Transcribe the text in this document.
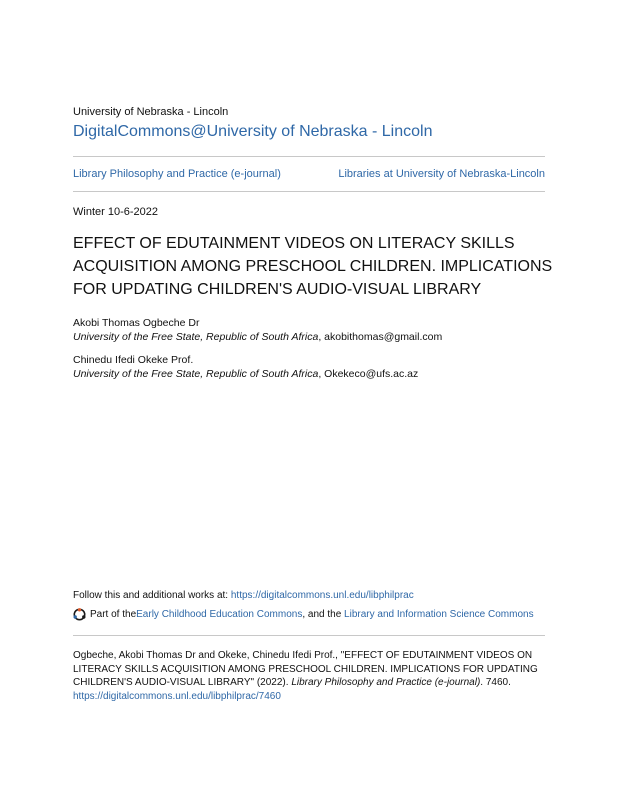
University of Nebraska - Lincoln
DigitalCommons@University of Nebraska - Lincoln
Library Philosophy and Practice (e-journal)	Libraries at University of Nebraska-Lincoln
Winter 10-6-2022
EFFECT OF EDUTAINMENT VIDEOS ON LITERACY SKILLS
ACQUISITION AMONG PRESCHOOL CHILDREN. IMPLICATIONS
FOR UPDATING CHILDREN'S AUDIO-VISUAL LIBRARY
Akobi Thomas Ogbeche Dr
University of the Free State, Republic of South Africa, akobithomas@gmail.com
Chinedu Ifedi Okeke Prof.
University of the Free State, Republic of South Africa, Okekeco@ufs.ac.az
Follow this and additional works at: https://digitalcommons.unl.edu/libphilprac
Part of the Early Childhood Education Commons , and the Library and Information Science Commons
Ogbeche, Akobi Thomas Dr and Okeke, Chinedu Ifedi Prof., "EFFECT OF EDUTAINMENT VIDEOS ON
LITERACY SKILLS ACQUISITION AMONG PRESCHOOL CHILDREN. IMPLICATIONS FOR UPDATING
CHILDREN'S AUDIO-VISUAL LIBRARY" (2022). Library Philosophy and Practice (e-journal). 7460.
https://digitalcommons.unl.edu/libphilprac/7460
